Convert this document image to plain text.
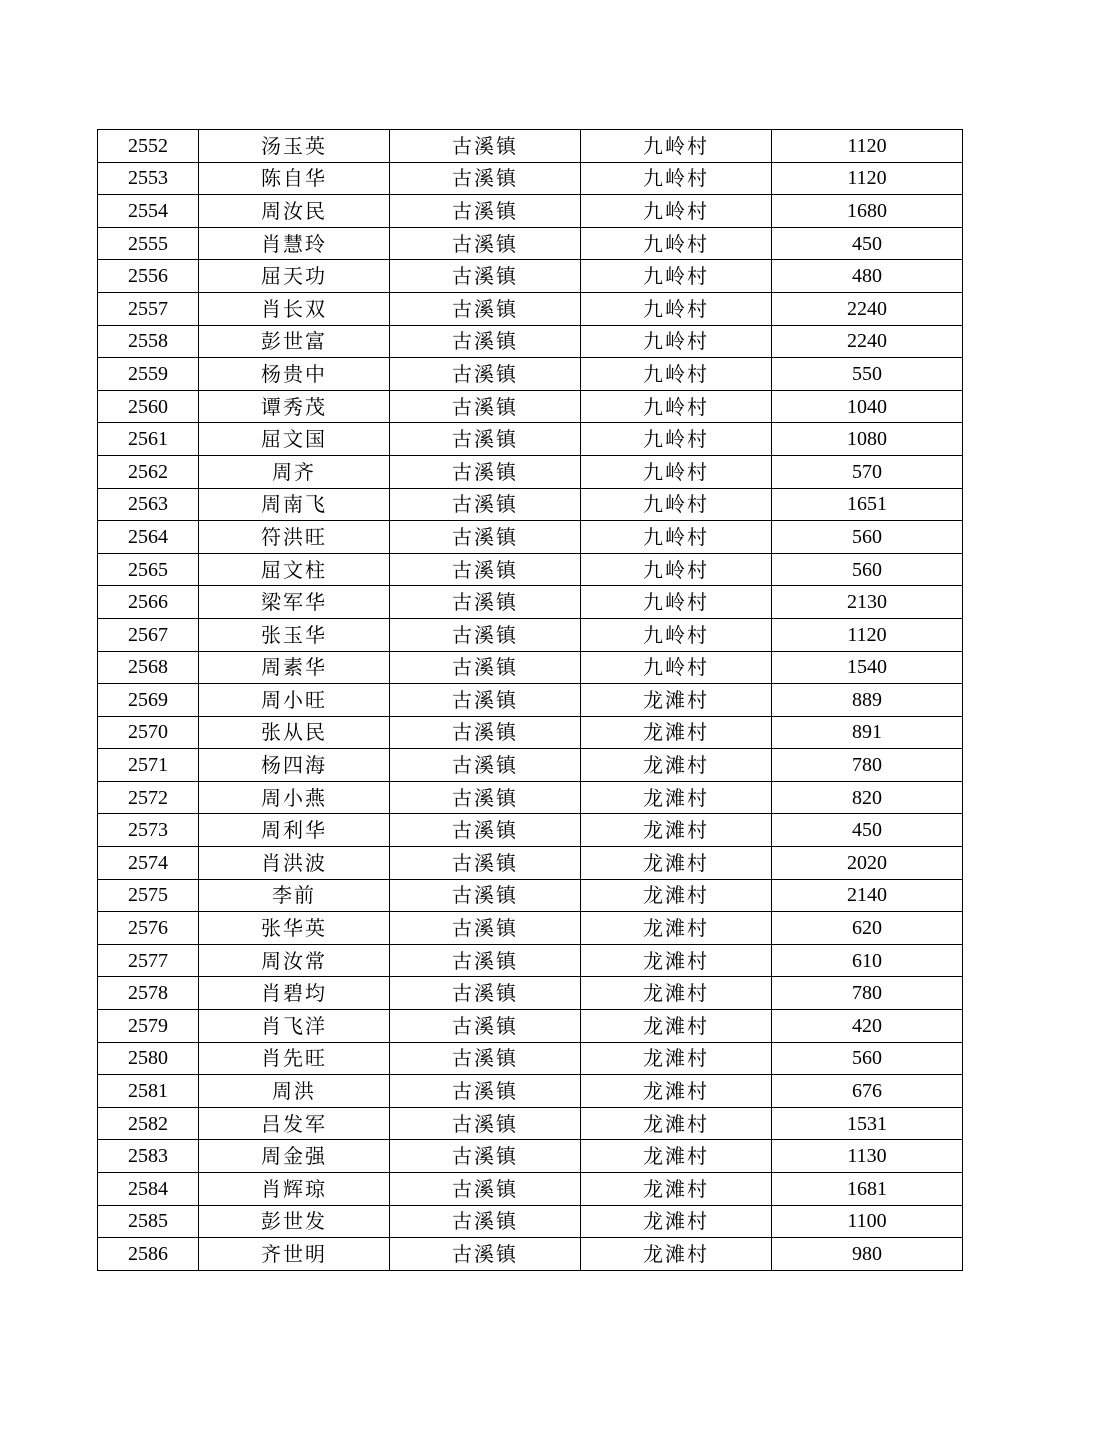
2552	汤玉英	古溪镇	九岭村	1120
2553	陈自华	古溪镇	九岭村	1120
2554	周汝民	古溪镇	九岭村	1680
2555	肖慧玲	古溪镇	九岭村	450
2556	屈天功	古溪镇	九岭村	480
2557	肖长双	古溪镇	九岭村	2240
2558	彭世富	古溪镇	九岭村	2240
2559	杨贵中	古溪镇	九岭村	550
2560	谭秀茂	古溪镇	九岭村	1040
2561	屈文国	古溪镇	九岭村	1080
2562	周齐	古溪镇	九岭村	570
2563	周南飞	古溪镇	九岭村	1651
2564	符洪旺	古溪镇	九岭村	560
2565	屈文柱	古溪镇	九岭村	560
2566	梁军华	古溪镇	九岭村	2130
2567	张玉华	古溪镇	九岭村	1120
2568	周素华	古溪镇	九岭村	1540
2569	周小旺	古溪镇	龙滩村	889
2570	张从民	古溪镇	龙滩村	891
2571	杨四海	古溪镇	龙滩村	780
2572	周小燕	古溪镇	龙滩村	820
2573	周利华	古溪镇	龙滩村	450
2574	肖洪波	古溪镇	龙滩村	2020
2575	李前	古溪镇	龙滩村	2140
2576	张华英	古溪镇	龙滩村	620
2577	周汝常	古溪镇	龙滩村	610
2578	肖碧均	古溪镇	龙滩村	780
2579	肖飞洋	古溪镇	龙滩村	420
2580	肖先旺	古溪镇	龙滩村	560
2581	周洪	古溪镇	龙滩村	676
2582	吕发军	古溪镇	龙滩村	1531
2583	周金强	古溪镇	龙滩村	1130
2584	肖辉琼	古溪镇	龙滩村	1681
2585	彭世发	古溪镇	龙滩村	1100
2586	齐世明	古溪镇	龙滩村	980
